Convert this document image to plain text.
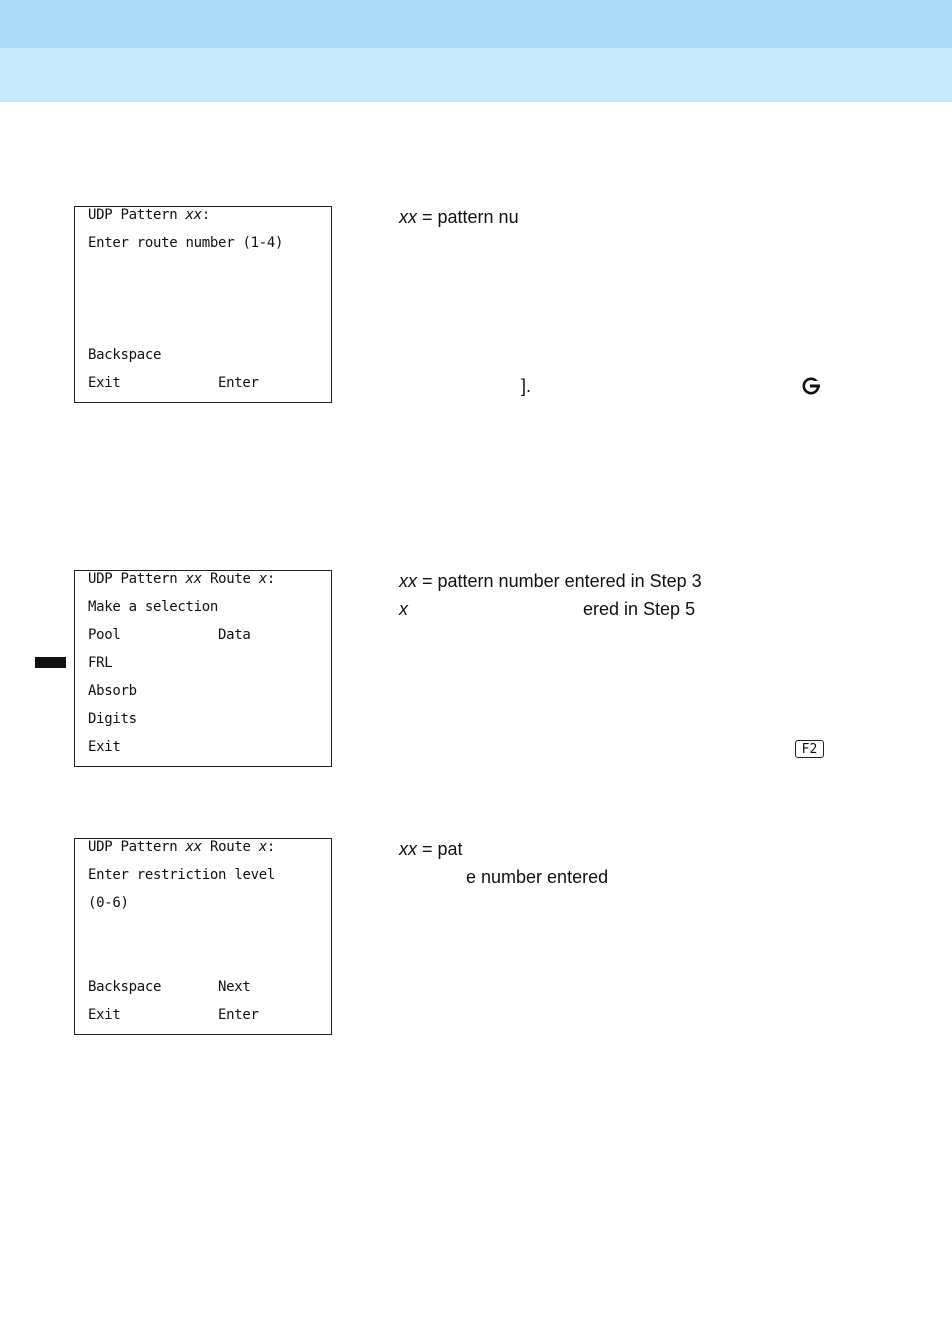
UDP Pattern xx:
Enter route number (1-4)
Backspace
Exit	Enter
xx = pattern nu
].
UDP Pattern xx Route x:
Make a selection
Pool	Data
FRL
Absorb
Digits
Exit
xx = pattern number entered in Step 3
x	ered in Step 5
F2
UDP Pattern xx Route x:
Enter restriction level
(0-6)
Backspace	Next
Exit	Enter
xx = pat
e number entered
